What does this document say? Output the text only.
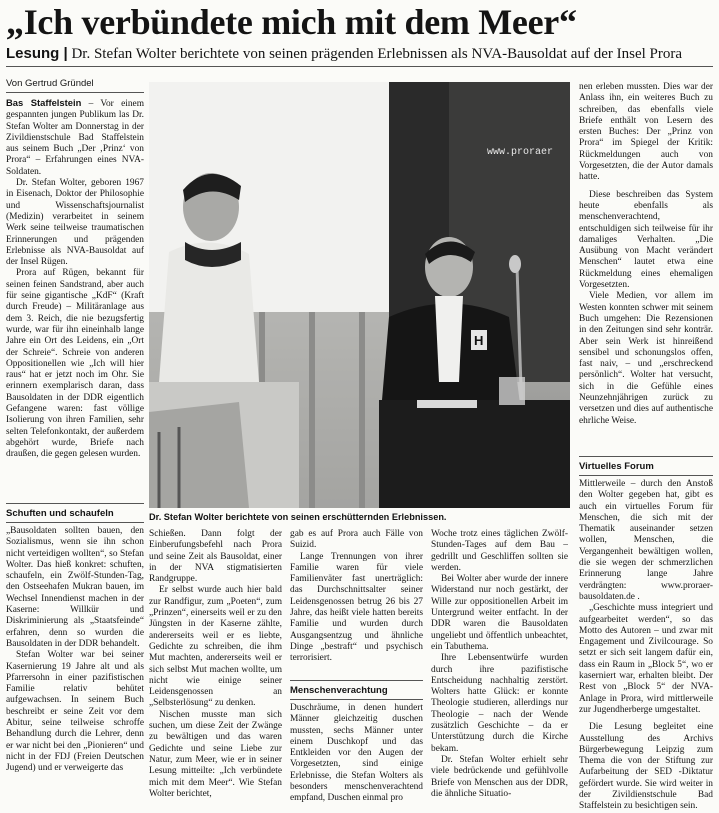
„Ich verbündete mich mit dem Meer“
Lesung | Dr. Stefan Wolter berichtete von seinen prägenden Erlebnissen als NVA-Bausoldat auf der Insel Prora
Von Gertrud Gründel

Bas Staffelstein – Vor einem gespannten jungen Publikum las Dr. Stefan Wolter am Donnerstag in der Zivildienstschule Bad Staffelstein aus seinem Buch „Der ‚Prinz‘ von Prora“ – Erfahrungen eines NVA-Soldaten.

Dr. Stefan Wolter, geboren 1967 in Eisenach, Doktor der Philosophie und Wissenschaftsjournalist (Medizin) verarbeitet in seinem Werk seine teilweise traumatischen Erinnerungen und prägenden Erlebnisse als NVA-Bausoldat auf der Insel Rügen.

Prora auf Rügen, bekannt für seinen feinen Sandstrand, aber auch für seine gigantische „KdF“ (Kraft durch Freude) – Militäranlage aus dem 3. Reich, die nie bezugsfertig wurde, war für ihn eineinhalb lange Jahre ein Ort des Leidens, ein „Ort der Schreie“. Schreie von anderen Oppositionellen wie „Ich will hier raus“ hat er jetzt noch im Ohr. Sie erinnern exemplarisch daran, dass Bausoldaten in der DDR eigentlich Gefangene waren: fast völlige Isolierung von ihren Familien, sehr selten Telefonkontakt, der außerdem abgehört wurde, Briefe nach draußen, die gegen gelesen wurden.

Schuften und schaufeln

„Bausoldaten sollten bauen, den Sozialismus, wenn sie ihn schon nicht verteidigen wollten“, so Stefan Wolter. Das hieß konkret: schuften, schaufeln, ein Zwölf-Stunden-Tag, den Ostseehafen Mukran bauen, im Wechsel Innendienst machen in der Kaserne: Willkür und Diskriminierung als „Staatsfeinde“ erfahren, denn so wurden die Bausoldaten in der DDR behandelt.

Stefan Wolter war bei seiner Kasernierung 19 Jahre alt und als Pfarrersohn in einer pazifistischen Familie relativ behütet aufgewachsen. In seinem Buch beschreibt er seine Zeit vor dem Abitur, seine teilweise schroffe Behandlung durch die Lehrer, denn er war nicht bei den „Pionieren“ und nicht in der FDJ (Freien Deutschen Jugend) und er verweigerte das

www.proraer
H
Dr. Stefan Wolter berichtete von seinen erschütternden Erlebnissen.

Schießen. Dann folgt der Einberufungsbefehl nach Prora und seine Zeit als Bausoldat, einer in der NVA stigmatisierten Randgruppe.

Er selbst wurde auch hier bald zur Randfigur, zum „Poeten“, zum „Prinzen“, einerseits weil er zu den Jüngsten in der Kaserne zählte, andererseits weil er es liebte, Gedichte zu schreiben, die ihm Mut machten, andererseits weil er sich selbst Mut machen wollte, um nicht wie einige seiner Leidensgenossen an „Selbsterlösung“ zu denken.

Nischen musste man sich suchen, um diese Zeit der Zwänge zu bewältigen und das waren Gedichte und seine Liebe zur Natur, zum Meer, wie er in seiner Lesung mitteilte: „Ich verbündete mich mit dem Meer“. Wie Stefan Wolter berichtet,

gab es auf Prora auch Fälle von Suizid.

Lange Trennungen von ihrer Familie waren für viele Familienväter fast unerträglich: das Durchschnittsalter seiner Leidensgenossen betrug 26 bis 27 Jahre, das heißt viele hatten bereits Familie und wurden durch Ausgangsentzug und ähnliche Dinge „bestraft“ und psychisch terrorisiert.

Menschenverachtung

Duschräume, in denen hundert Männer gleichzeitig duschen mussten, sechs Männer unter einem Duschkopf und das Entkleiden vor den Augen der Vorgesetzten, sind einige Erlebnisse, die Stefan Wolters als besonders menschenverachtend empfand, Duschen einmal pro

Woche trotz eines täglichen Zwölf-Stunden-Tages auf dem Bau – gedrillt und Geschliffen sollten sie werden.

Bei Wolter aber wurde der innere Widerstand nur noch gestärkt, der Wille zur oppositionellen Arbeit im Untergrund weiter entfacht. In der DDR waren die Bausoldaten ungeliebt und öffentlich unbeachtet, ein Tabuthema.

Ihre Lebensentwürfe wurden durch ihre pazifistische Entscheidung nachhaltig zerstört. Wolters hatte Glück: er konnte Theologie studieren, allerdings nur Theologie – nach der Wende zusätzlich Geschichte – da er Unterstützung durch die Kirche bekam.

Dr. Stefan Wolter erhielt sehr viele bedrückende und gefühlvolle Briefe von Menschen aus der DDR, die ähnliche Situatio-

nen erleben mussten. Dies war der Anlass ihn, ein weiteres Buch zu schreiben, das ebenfalls viele Briefe enthält von Lesern des ersten Buches: Der „Prinz von Prora“ im Spiegel der Kritik: Rückmeldungen auch von Vorgesetzten, die der Autor damals hatte.

Diese beschreiben das System heute ebenfalls als menschenverachtend, entschuldigen sich teilweise für ihr damaliges Verhalten. „Die Ausübung von Macht verändert Menschen“ lautet etwa eine Rückmeldung eines ehemaligen Vorgesetzten.

Viele Medien, vor allem im Westen konnten schwer mit seinem Buch umgehen: Die Rezensionen in den Zeitungen sind sehr konträr. Aber sein Werk ist hinreißend sensibel und schonungslos offen, fast naiv, – und „erschreckend persönlich“. Wolter hat versucht, sich in die Gefühle eines Neunzehnjährigen zurück zu versetzen und dies auf authentische ehrliche Weise.

Virtuelles Forum

Mittlerweile – durch den Anstoß den Wolter gegeben hat, gibt es auch ein virtuelles Forum für Menschen, die sich mit der Thematik auseinander setzen wollen, Menschen, die Vergangenheit bewältigen wollen, die sie wegen der schmerzlichen Erinnerung lange Jahre verdrängten: www.proraer-bausoldaten.de .

„Geschichte muss integriert und aufgearbeitet werden“, so das Motto des Autoren – und zwar mit Engagement und Zivilcourage. So setzt er sich seit langem dafür ein, dass ein Raum in „Block 5“, wo er kaserniert war, erhalten bleibt. Der Rest von „Block 5“ der NVA-Anlage in Prora, wird mittlerweile zur Jugendherberge umgestaltet.

Die Lesung begleitet eine Ausstellung des Archivs Bürgerbewegung Leipzig zum Thema die von der Stiftung zur Aufarbeitung der SED -Diktatur gefördert wurde. Sie wird weiter in der Zivildienstschule Bad Staffelstein zu besichtigen sein.
